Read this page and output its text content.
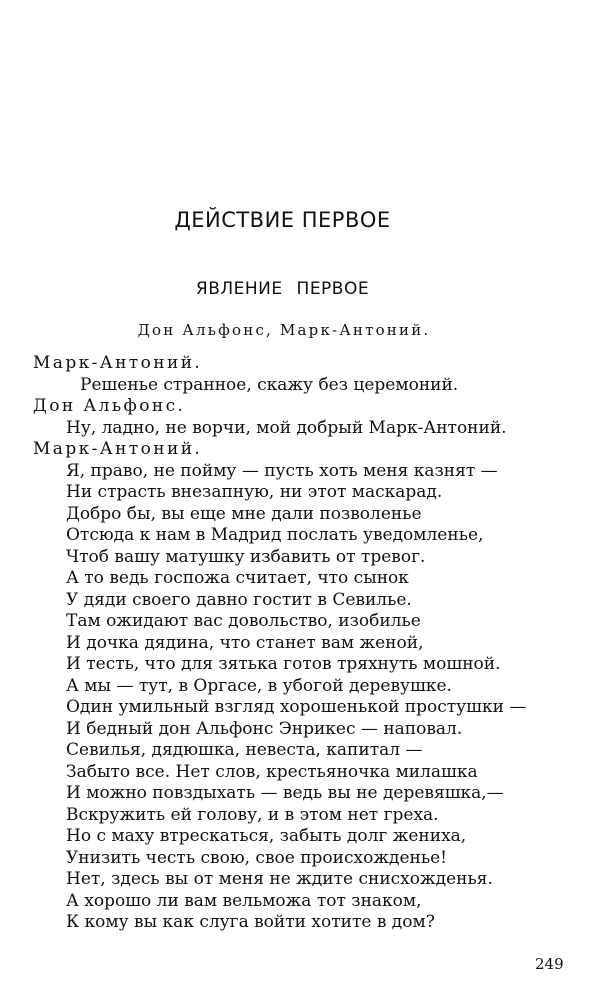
ДЕЙСТВИЕ ПЕРВОЕ
ЯВЛЕНИЕ ПЕРВОЕ
Дон Альфонс, Марк-Антоний.
Марк-Антоний.
Решенье странное, скажу без церемоний.
Дон Альфонс.
Ну, ладно, не ворчи, мой добрый Марк-Антоний.
Марк-Антоний.
Я, право, не пойму — пусть хоть меня казнят —
Ни страсть внезапную, ни этот маскарад.
Добро бы, вы еще мне дали позволенье
Отсюда к нам в Мадрид послать уведомленье,
Чтоб вашу матушку избавить от тревог.
А то ведь госпожа считает, что сынок
У дяди своего давно гостит в Севилье.
Там ожидают вас довольство, изобилье
И дочка дядина, что станет вам женой,
И тесть, что для зятька готов тряхнуть мошной.
А мы — тут, в Оргасе, в убогой деревушке.
Один умильный взгляд хорошенькой простушки —
И бедный дон Альфонс Энрикес — наповал.
Севилья, дядюшка, невеста, капитал —
Забыто все. Нет слов, крестьяночка милашка
И можно повздыхать — ведь вы не деревяшка,—
Вскружить ей голову, и в этом нет греха.
Но с маху втрескаться, забыть долг жениха,
Унизить честь свою, свое происхожденье!
Нет, здесь вы от меня не ждите снисхожденья.
А хорошо ли вам вельможа тот знаком,
К кому вы как слуга войти хотите в дом?
249
